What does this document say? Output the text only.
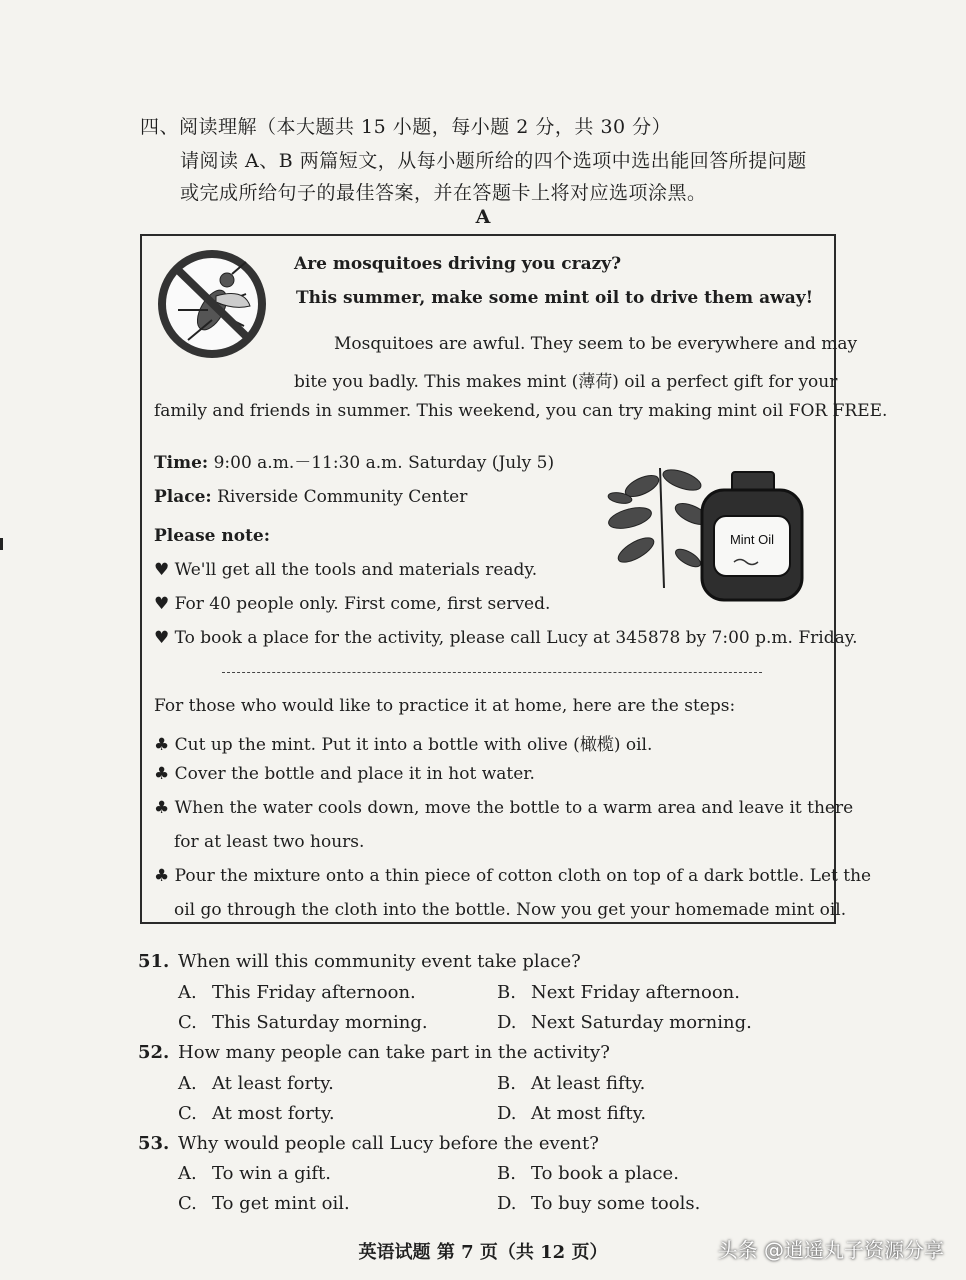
四、阅读理解（本大题共 15 小题，每小题 2 分，共 30 分）
请阅读 A、B 两篇短文，从每小题所给的四个选项中选出能回答所提问题
或完成所给句子的最佳答案，并在答题卡上将对应选项涂黑。
A
Are mosquitoes driving you crazy?
This summer, make some mint oil to drive them away!
Mosquitoes are awful. They seem to be everywhere and may
bite you badly. This makes mint (薄荷) oil a perfect gift for your
family and friends in summer. This weekend, you can try making mint oil FOR FREE.
Time: 9:00 a.m.－11:30 a.m. Saturday (July 5)
Place: Riverside Community Center
Please note:
♥ We'll get all the tools and materials ready.
♥ For 40 people only. First come, first served.
♥ To book a place for the activity, please call Lucy at 345878 by 7:00 p.m. Friday.
Mint Oil
For those who would like to practice it at home, here are the steps:
♣ Cut up the mint. Put it into a bottle with olive (橄榄) oil.
♣ Cover the bottle and place it in hot water.
♣ When the water cools down, move the bottle to a warm area and leave it there
for at least two hours.
♣ Pour the mixture onto a thin piece of cotton cloth on top of a dark bottle. Let the
oil go through the cloth into the bottle. Now you get your homemade mint oil.
51. When will this community event take place?
A. This Friday afternoon.	B. Next Friday afternoon.
C. This Saturday morning.	D. Next Saturday morning.
52. How many people can take part in the activity?
A. At least forty.	B. At least fifty.
C. At most forty.	D. At most fifty.
53. Why would people call Lucy before the event?
A. To win a gift.	B. To book a place.
C. To get mint oil.	D. To buy some tools.
英语试题 第 7 页（共 12 页）	头条 @逍遥丸子资源分享
